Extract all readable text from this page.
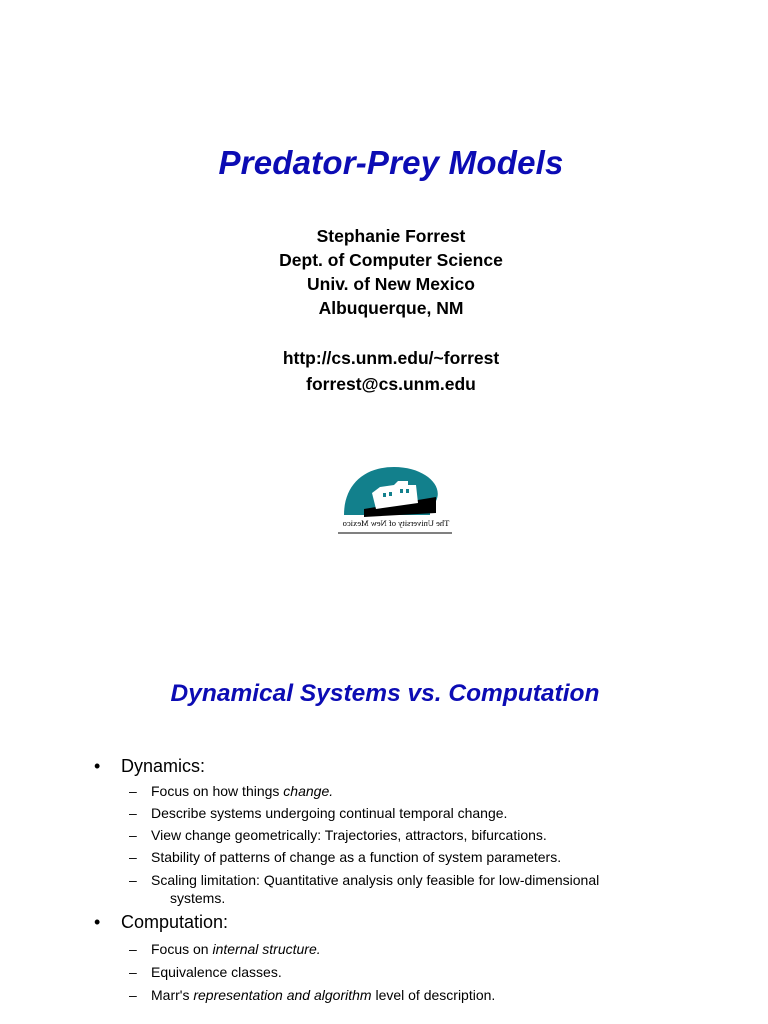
Predator-Prey Models
Stephanie Forrest
Dept. of Computer Science
Univ. of New Mexico
Albuquerque, NM
http://cs.unm.edu/~forrest
forrest@cs.unm.edu
The University of New Mexico
Dynamical Systems vs. Computation
• Dynamics:
– Focus on how things change.
– Describe systems undergoing continual temporal change.
– View change geometrically: Trajectories, attractors, bifurcations.
– Stability of patterns of change as a function of system parameters.
– Scaling limitation: Quantitative analysis only feasible for low-dimensional
systems.
• Computation:
– Focus on internal structure.
– Equivalence classes.
– Marr's representation and algorithm level of description.
